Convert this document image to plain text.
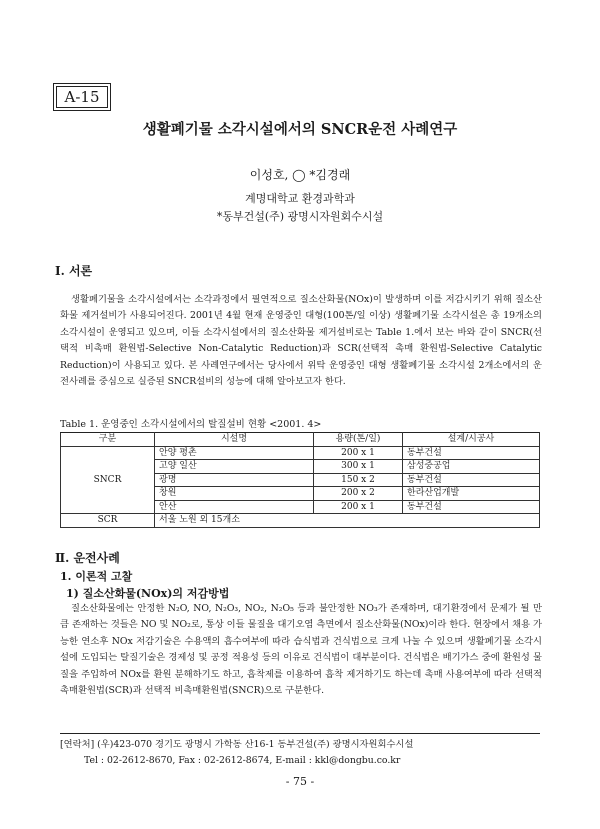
A-15
생활폐기물 소각시설에서의 SNCR운전 사례연구
이성호, ◯ *김경래
계명대학교 환경과학과
*동부건설(주) 광명시자원회수시설
Ⅰ. 서론

생활폐기물을 소각시설에서는 소각과정에서 필연적으로 질소산화물(NOx)이 발생하며 이를 저감시키기 위해 질소산화물 제거설비가 사용되어진다. 2001년 4월 현재 운영중인 대형(100톤/일 이상) 생활폐기물 소각시설은 총 19개소의 소각시설이 운영되고 있으며, 이들 소각시설에서의 질소산화물 제거설비로는 Table 1.에서 보는 바와 같이 SNCR(선택적 비촉매 환원법-Selective Non-Catalytic Reduction)과 SCR(선택적 촉매 환원법-Selective Catalytic Reduction)이 사용되고 있다. 본 사례연구에서는 당사에서 위탁 운영중인 대형 생활폐기물 소각시설 2개소에서의 운전사례를 중심으로 실증된 SNCR설비의 성능에 대해 알아보고자 한다.

Table 1. 운영중인 소각시설에서의 탈질설비 현황 <2001. 4>
구분	시설명	용량(톤/일)	설계/시공사
SNCR	안양 평촌	200 x 1	동부건설
	고양 일산	300 x 1	삼성중공업
	광명	150 x 2	동부건설
	창원	200 x 2	한라산업개발
	안산	200 x 1	동부건설
SCR	서울 노원 외 15개소		
Ⅱ. 운전사례
1. 이론적 고찰
1) 질소산화물(NOx)의 저감방법

질소산화물에는 안정한 N₂O, NO, N₂O₃, NO₂, N₂O₅ 등과 불안정한 NO₃가 존재하며, 대기환경에서 문제가 될 만큼 존재하는 것들은 NO 및 NO₂로, 통상 이들 물질을 대기오염 측면에서 질소산화물(NOx)이라 한다. 현장에서 채용 가능한 연소후 NOx 저감기술은 수용액의 흡수여부에 따라 습식법과 건식법으로 크게 나눌 수 있으며 생활폐기물 소각시설에 도입되는 탈질기술은 경제성 및 공정 적용성 등의 이유로 건식법이 대부분이다. 건식법은 배기가스 중에 환원성 물질을 주입하여 NOx를 환원 분해하기도 하고, 흡착제를 이용하여 흡착 제거하기도 하는데 촉매 사용여부에 따라 선택적 촉매환원법(SCR)과 선택적 비촉매환원법(SNCR)으로 구분한다.

[연락처] (우)423-070 경기도 광명시 가학동 산16-1 동부건설(주) 광명시자원회수시설
Tel : 02-2612-8670, Fax : 02-2612-8674, E-mail : kkl@dongbu.co.kr
- 75 -
